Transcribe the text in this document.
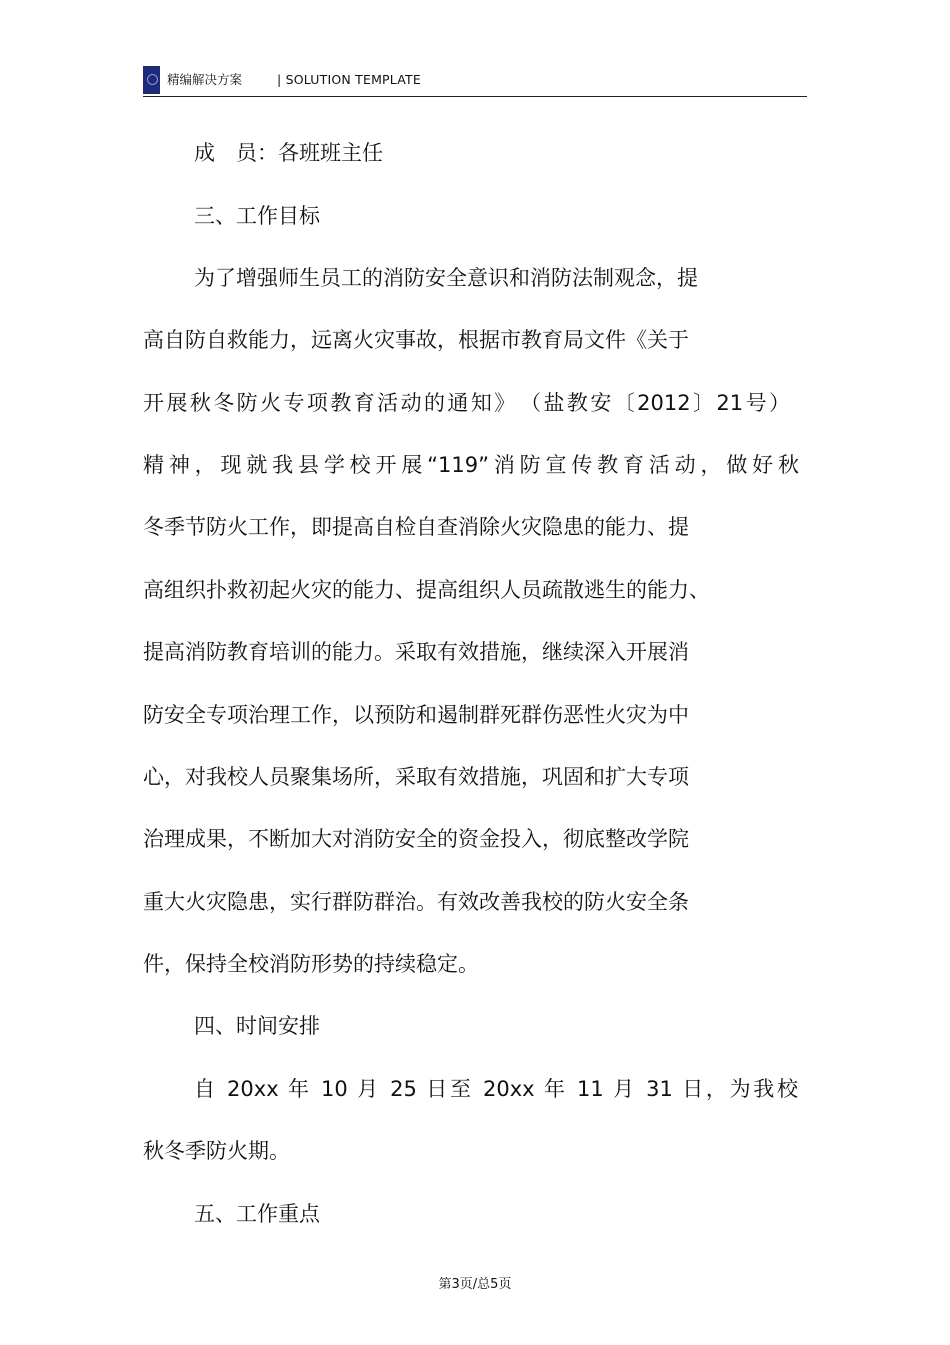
精编解决方案	| SOLUTION TEMPLATE
成　员：各班班主任
三、工作目标
为了增强师生员工的消防安全意识和消防法制观念，提
高自防自救能力，远离火灾事故，根据市教育局文件《关于
开展秋冬防火专项教育活动的通知》　（盐教安〔2012〕21号）
精神，现就我县学校开展“119”消防宣传教育活动，做好秋
冬季节防火工作，即提高自检自查消除火灾隐患的能力、提
高组织扑救初起火灾的能力、提高组织人员疏散逃生的能力、
提高消防教育培训的能力。采取有效措施，继续深入开展消
防安全专项治理工作，以预防和遏制群死群伤恶性火灾为中
心，对我校人员聚集场所，采取有效措施，巩固和扩大专项
治理成果，不断加大对消防安全的资金投入，彻底整改学院
重大火灾隐患，实行群防群治。有效改善我校的防火安全条
件，保持全校消防形势的持续稳定。
四、时间安排
自 20xx 年 10 月 25 日至 20xx 年 11 月 31 日，为我校
秋冬季防火期。
五、工作重点
第3页/总5页
